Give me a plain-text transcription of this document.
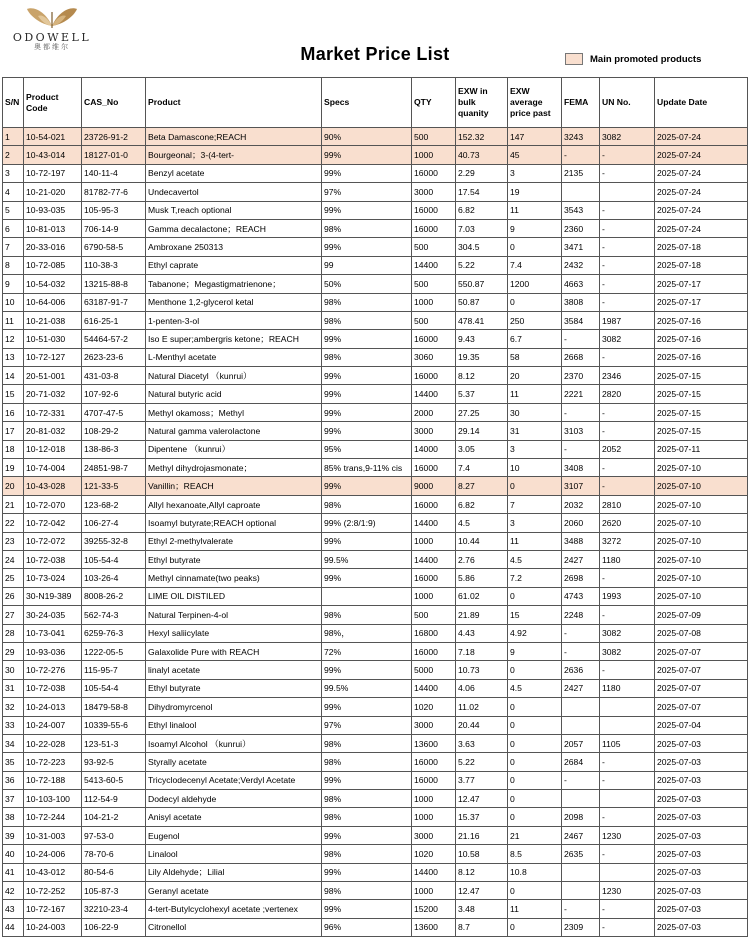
ODOWELL
奥都维尔	Market Price List	Main promoted products
S/N	Product Code	CAS_No	Product	Specs	QTY	EXW in bulk quanity	EXW average price past	FEMA	UN No.	Update Date
1	10-54-021	23726-91-2	Beta Damascone;REACH	90%	500	152.32	147	3243	3082	2025-07-24
2	10-43-014	18127-01-0	Bourgeonal；3-(4-tert-	99%	1000	40.73	45	-	-	2025-07-24
3	10-72-197	140-11-4	Benzyl acetate	99%	16000	2.29	3	2135	-	2025-07-24
4	10-21-020	81782-77-6	Undecavertol	97%	3000	17.54	19			2025-07-24
5	10-93-035	105-95-3	Musk T,reach optional	99%	16000	6.82	11	3543	-	2025-07-24
6	10-81-013	706-14-9	Gamma decalactone；REACH	98%	16000	7.03	9	2360	-	2025-07-24
7	20-33-016	6790-58-5	Ambroxane 250313	99%	500	304.5	0	3471	-	2025-07-18
8	10-72-085	110-38-3	Ethyl caprate	99	14400	5.22	7.4	2432	-	2025-07-18
9	10-54-032	13215-88-8	Tabanone；Megastigmatrienone；	50%	500	550.87	1200	4663	-	2025-07-17
10	10-64-006	63187-91-7	Menthone 1,2-glycerol ketal	98%	1000	50.87	0	3808	-	2025-07-17
11	10-21-038	616-25-1	1-penten-3-ol	98%	500	478.41	250	3584	1987	2025-07-16
12	10-51-030	54464-57-2	Iso E super;ambergris ketone；REACH	99%	16000	9.43	6.7	-	3082	2025-07-16
13	10-72-127	2623-23-6	L-Menthyl acetate	98%	3060	19.35	58	2668	-	2025-07-16
14	20-51-001	431-03-8	Natural Diacetyl （kunrui）	99%	16000	8.12	20	2370	2346	2025-07-15
15	20-71-032	107-92-6	Natural butyric acid	99%	14400	5.37	11	2221	2820	2025-07-15
16	10-72-331	4707-47-5	Methyl okamoss；Methyl	99%	2000	27.25	30	-	-	2025-07-15
17	20-81-032	108-29-2	Natural gamma valerolactone	99%	3000	29.14	31	3103	-	2025-07-15
18	10-12-018	138-86-3	Dipentene （kunrui）	95%	14000	3.05	3	-	2052	2025-07-11
19	10-74-004	24851-98-7	Methyl dihydrojasmonate；	85% trans,9-11% cis	16000	7.4	10	3408	-	2025-07-10
20	10-43-028	121-33-5	Vanillin；REACH	99%	9000	8.27	0	3107	-	2025-07-10
21	10-72-070	123-68-2	Allyl hexanoate,Allyl caproate	98%	16000	6.82	7	2032	2810	2025-07-10
22	10-72-042	106-27-4	Isoamyl butyrate;REACH optional	99% (2:8/1:9)	14400	4.5	3	2060	2620	2025-07-10
23	10-72-072	39255-32-8	Ethyl 2-methylvalerate	99%	1000	10.44	11	3488	3272	2025-07-10
24	10-72-038	105-54-4	Ethyl butyrate	99.5%	14400	2.76	4.5	2427	1180	2025-07-10
25	10-73-024	103-26-4	Methyl cinnamate(two peaks)	99%	16000	5.86	7.2	2698	-	2025-07-10
26	30-N19-389	8008-26-2	LIME OIL DISTILED		1000	61.02	0	4743	1993	2025-07-10
27	30-24-035	562-74-3	Natural Terpinen-4-ol	98%	500	21.89	15	2248	-	2025-07-09
28	10-73-041	6259-76-3	Hexyl saliicylate	98%，	16800	4.43	4.92	-	3082	2025-07-08
29	10-93-036	1222-05-5	Galaxolide Pure with REACH	72%	16000	7.18	9	-	3082	2025-07-07
30	10-72-276	115-95-7	linalyl acetate	99%	5000	10.73	0	2636	-	2025-07-07
31	10-72-038	105-54-4	Ethyl butyrate	99.5%	14400	4.06	4.5	2427	1180	2025-07-07
32	10-24-013	18479-58-8	Dihydromyrcenol	99%	1020	11.02	0			2025-07-07
33	10-24-007	10339-55-6	Ethyl linalool	97%	3000	20.44	0			2025-07-04
34	10-22-028	123-51-3	Isoamyl Alcohol （kunrui）	98%	13600	3.63	0	2057	1105	2025-07-03
35	10-72-223	93-92-5	Styrally acetate	98%	16000	5.22	0	2684	-	2025-07-03
36	10-72-188	5413-60-5	Tricyclodecenyl Acetate;Verdyl Acetate	99%	16000	3.77	0	-	-	2025-07-03
37	10-103-100	112-54-9	Dodecyl aldehyde	98%	1000	12.47	0			2025-07-03
38	10-72-244	104-21-2	Anisyl acetate	98%	1000	15.37	0	2098	-	2025-07-03
39	10-31-003	97-53-0	Eugenol	99%	3000	21.16	21	2467	1230	2025-07-03
40	10-24-006	78-70-6	Linalool	98%	1020	10.58	8.5	2635	-	2025-07-03
41	10-43-012	80-54-6	Lily Aldehyde；Lilial	99%	14400	8.12	10.8			2025-07-03
42	10-72-252	105-87-3	Geranyl acetate	98%	1000	12.47	0		1230	2025-07-03
43	10-72-167	32210-23-4	4-tert-Butylcyclohexyl acetate ;vertenex	99%	15200	3.48	11	-	-	2025-07-03
44	10-24-003	106-22-9	Citronellol	96%	13600	8.7	0	2309	-	2025-07-03
